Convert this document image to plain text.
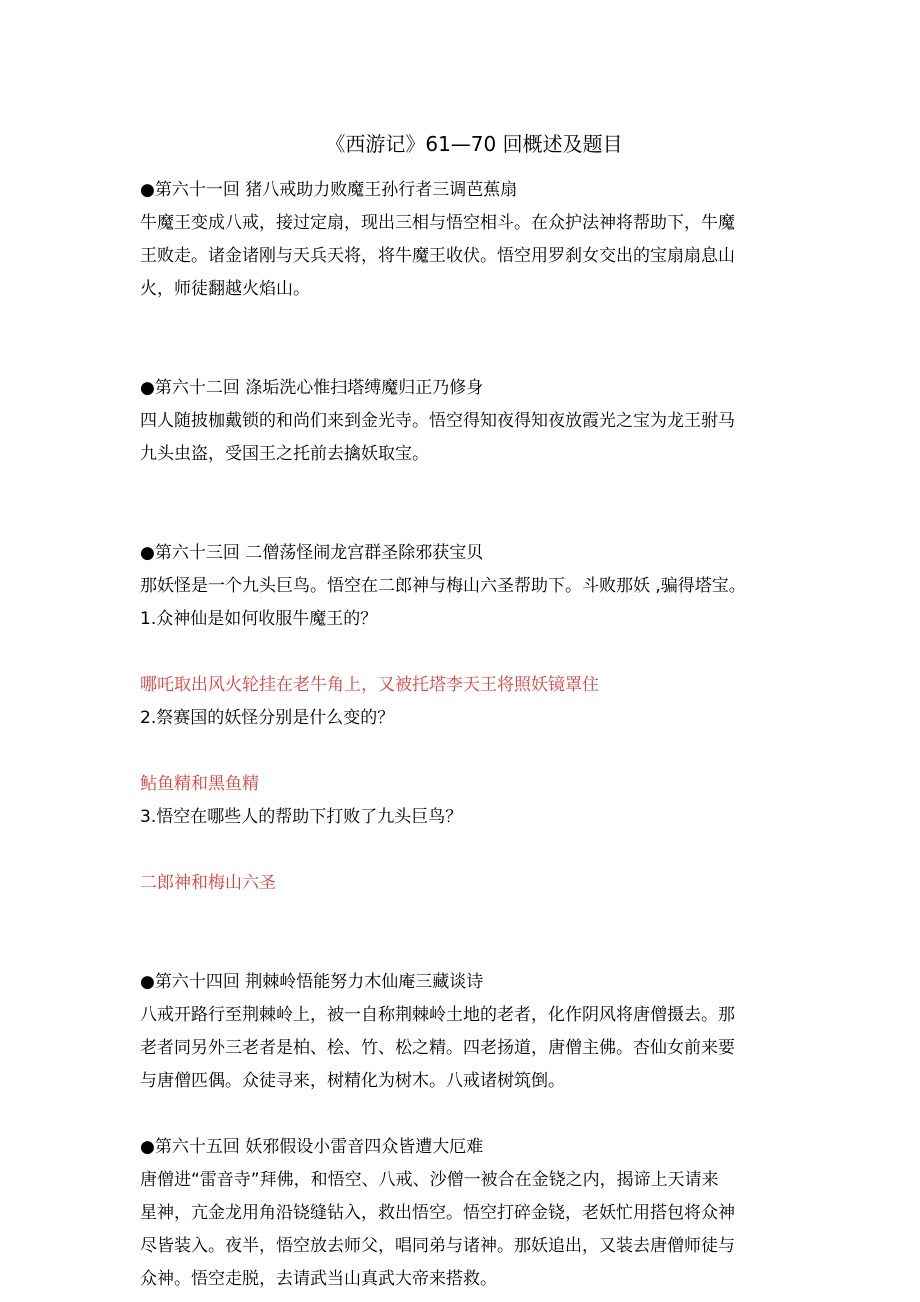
《西游记》61—70 回概述及题目
●第六十一回 猪八戒助力败魔王孙行者三调芭蕉扇
牛魔王变成八戒，接过定扇，现出三相与悟空相斗。在众护法神将帮助下，牛魔
王败走。诸金诸刚与天兵天将，将牛魔王收伏。悟空用罗刹女交出的宝扇扇息山
火，师徒翻越火焰山。
●第六十二回 涤垢洗心惟扫塔缚魔归正乃修身
四人随披枷戴锁的和尚们来到金光寺。悟空得知夜得知夜放霞光之宝为龙王驸马
九头虫盗，受国王之托前去擒妖取宝。
●第六十三回 二僧荡怪闹龙宫群圣除邪获宝贝
那妖怪是一个九头巨鸟。悟空在二郎神与梅山六圣帮助下。斗败那妖 ,骗得塔宝。
1.众神仙是如何收服牛魔王的？
哪吒取出风火轮挂在老牛角上，又被托塔李天王将照妖镜罩住
2.祭赛国的妖怪分别是什么变的？
鲇鱼精和黑鱼精
3.悟空在哪些人的帮助下打败了九头巨鸟？
二郎神和梅山六圣
●第六十四回 荆棘岭悟能努力木仙庵三藏谈诗
八戒开路行至荆棘岭上，被一自称荆棘岭土地的老者，化作阴风将唐僧摄去。那
老者同另外三老者是柏、桧、竹、松之精。四老扬道，唐僧主佛。杏仙女前来要
与唐僧匹偶。众徒寻来，树精化为树木。八戒诸树筑倒。
●第六十五回 妖邪假设小雷音四众皆遭大厄难
唐僧进“雷音寺”拜佛，和悟空、八戒、沙僧一被合在金铙之内，揭谛上天请来
星神，亢金龙用角沿铙缝钻入，救出悟空。悟空打碎金铙，老妖忙用搭包将众神
尽皆装入。夜半，悟空放去师父，唱同弟与诸神。那妖追出，又装去唐僧师徒与
众神。悟空走脱，去请武当山真武大帝来搭救。
